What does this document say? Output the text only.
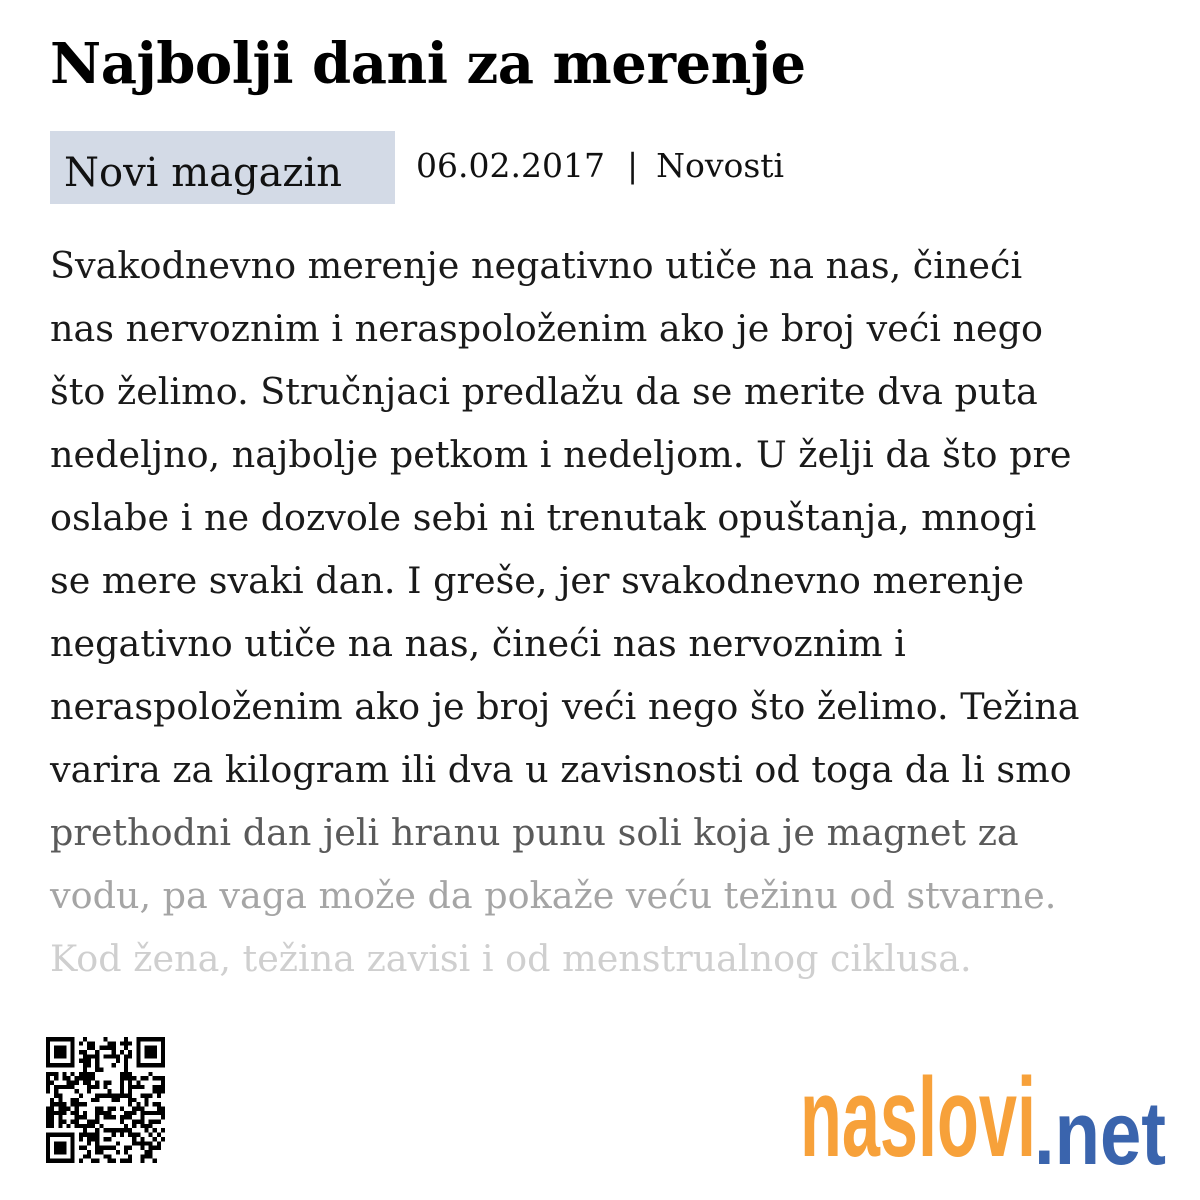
Najbolji dani za merenje
Novi magazin	06.02.2017 | Novosti
Svakodnevno merenje negativno utiče na nas, čineći
nas nervoznim i neraspoloženim ako je broj veći nego
što želimo. Stručnjaci predlažu da se merite dva puta
nedeljno, najbolje petkom i nedeljom. U želji da što pre
oslabe i ne dozvole sebi ni trenutak opuštanja, mnogi
se mere svaki dan. I greše, jer svakodnevno merenje
negativno utiče na nas, čineći nas nervoznim i
neraspoloženim ako je broj veći nego što želimo. Težina
varira za kilogram ili dva u zavisnosti od toga da li smo
prethodni dan jeli hranu punu soli koja je magnet za
vodu, pa vaga može da pokaže veću težinu od stvarne.
Kod žena, težina zavisi i od menstrualnog ciklusa.
naslovi
.net
